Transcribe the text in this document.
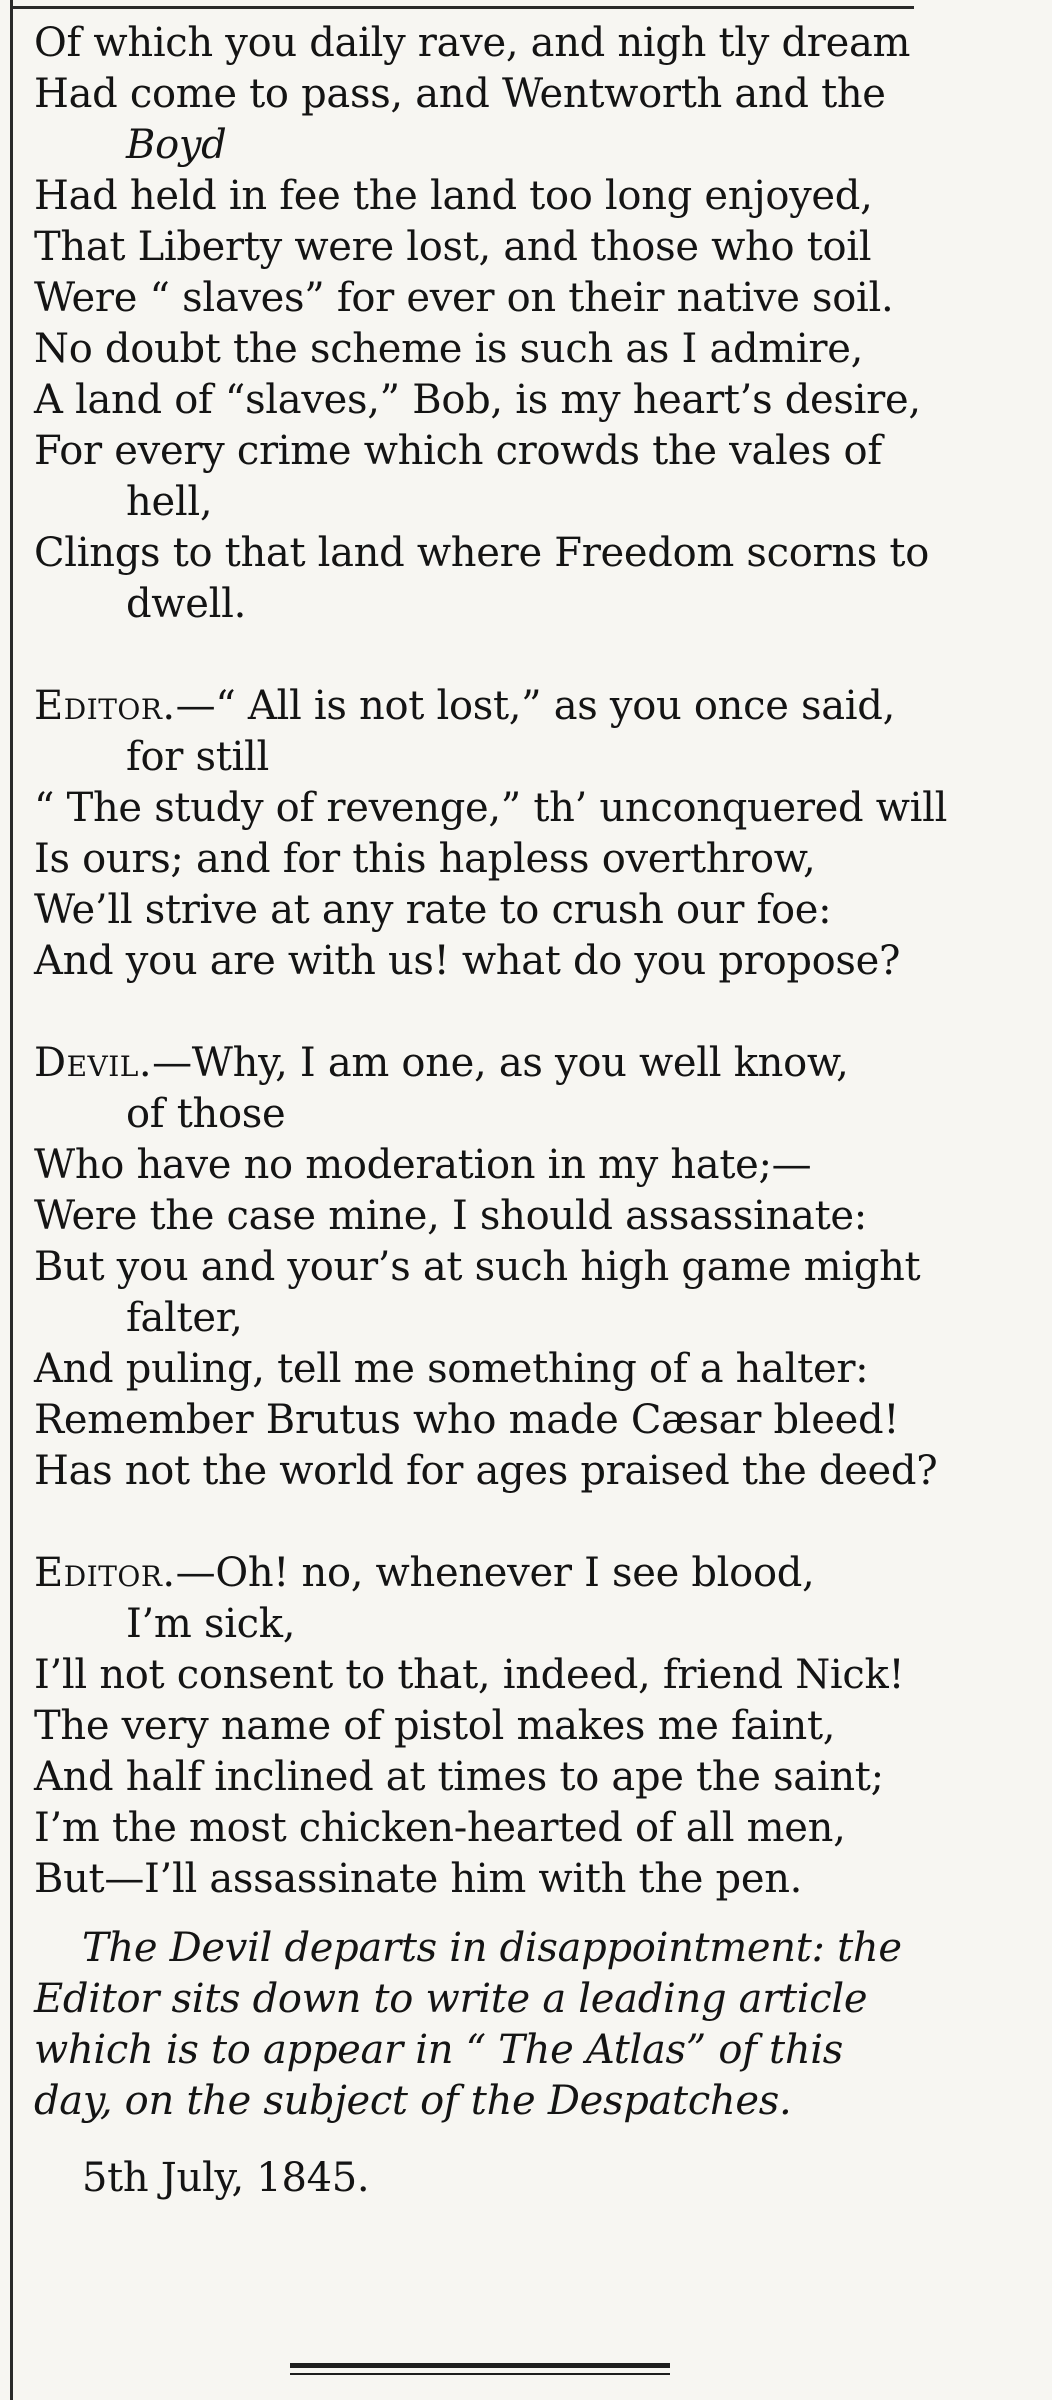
Of which you daily rave, and nigh tly dream
Had come to pass, and Wentworth and the
Boyd
Had held in fee the land too long enjoyed,
That Liberty were lost, and those who toil
Were “ slaves” for ever on their native soil.
No doubt the scheme is such as I admire,
A land of “slaves,” Bob, is my heart’s desire,
For every crime which crowds the vales of
hell,
Clings to that land where Freedom scorns to
dwell.
Editor.—“ All is not lost,” as you once said,
for still
“ The study of revenge,” th’ unconquered will
Is ours; and for this hapless overthrow,
We’ll strive at any rate to crush our foe:
And you are with us! what do you propose?
Devil.—Why, I am one, as you well know,
of those
Who have no moderation in my hate;—
Were the case mine, I should assassinate:
But you and your’s at such high game might
falter,
And puling, tell me something of a halter:
Remember Brutus who made Cæsar bleed!
Has not the world for ages praised the deed?
Editor.—Oh! no, whenever I see blood,
I’m sick,
I’ll not consent to that, indeed, friend Nick!
The very name of pistol makes me faint,
And half inclined at times to ape the saint;
I’m the most chicken-hearted of all men,
But—I’ll assassinate him with the pen.
The Devil departs in disappointment: the
Editor sits down to write a leading article
which is to appear in “ The Atlas” of this
day, on the subject of the Despatches.
5th July, 1845.
